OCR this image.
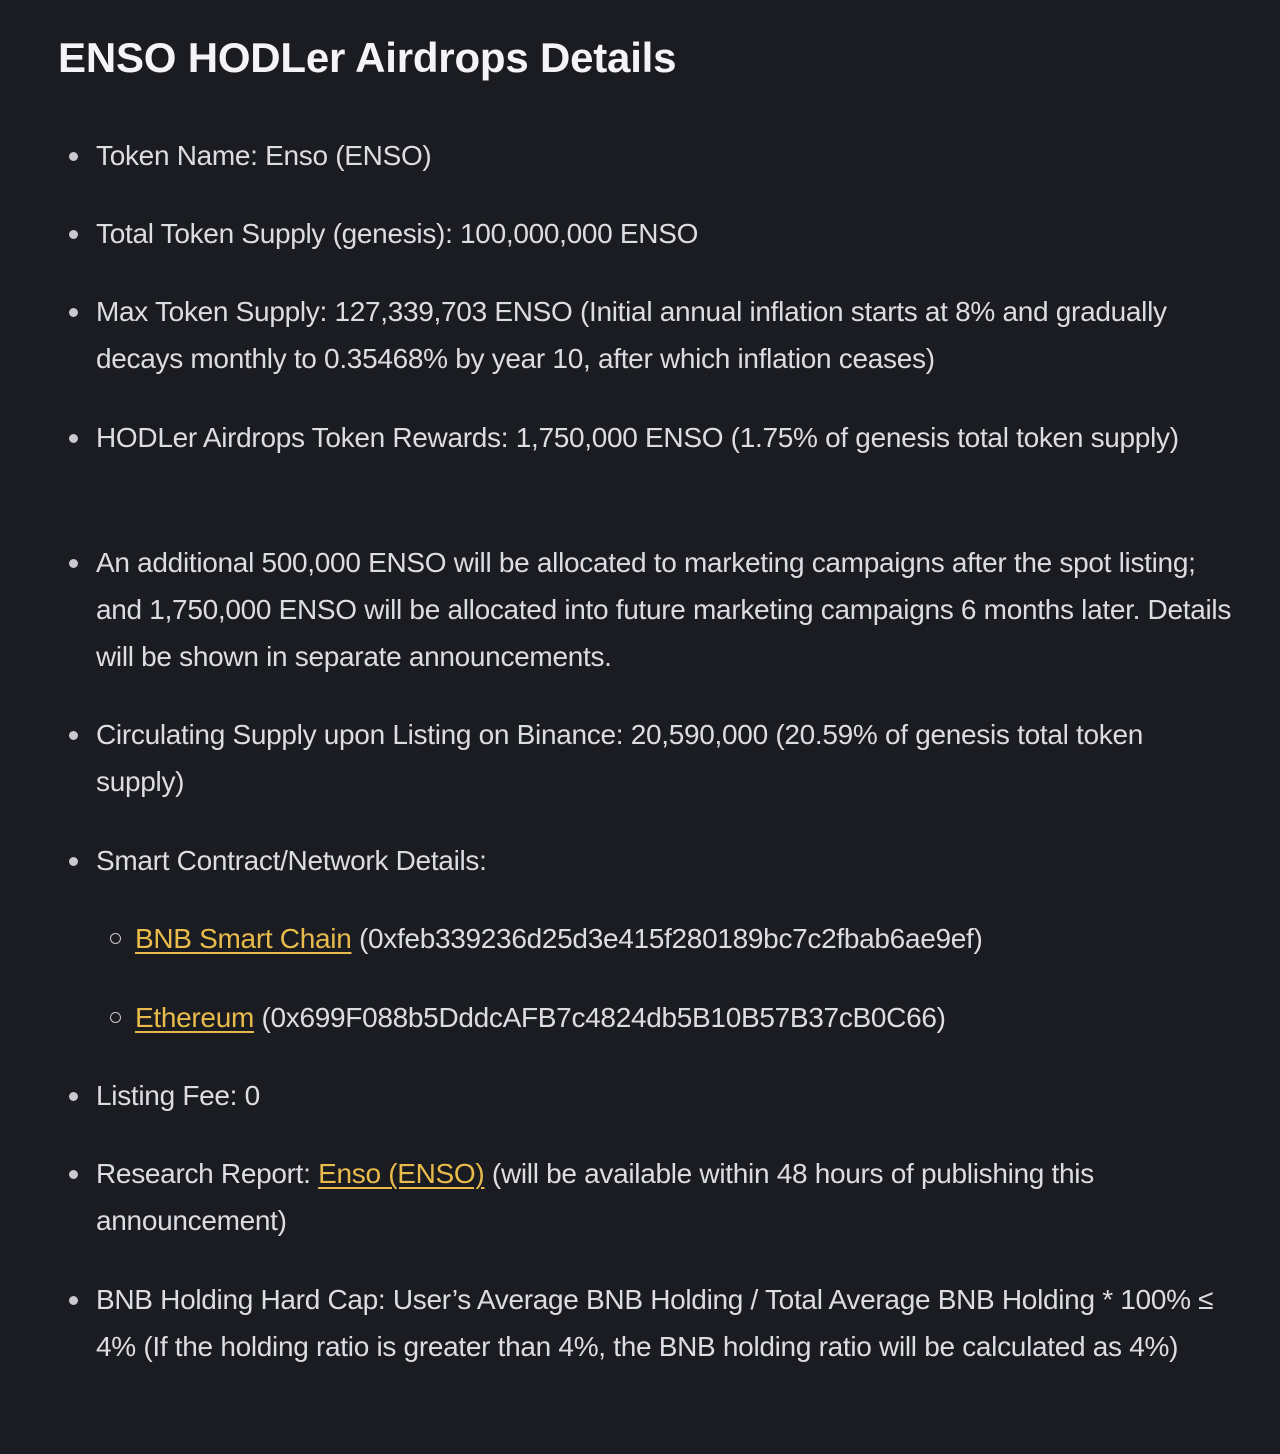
ENSO HODLer Airdrops Details
Token Name: Enso (ENSO)
Total Token Supply (genesis): 100,000,000 ENSO
Max Token Supply: 127,339,703 ENSO (Initial annual inflation starts at 8% and gradually decays monthly to 0.35468% by year 10, after which inflation ceases)
HODLer Airdrops Token Rewards: 1,750,000 ENSO (1.75% of genesis total token supply)
An additional 500,000 ENSO will be allocated to marketing campaigns after the spot listing; and 1,750,000 ENSO will be allocated into future marketing campaigns 6 months later. Details will be shown in separate announcements.
Circulating Supply upon Listing on Binance: 20,590,000 (20.59% of genesis total token supply)
Smart Contract/Network Details:
BNB Smart Chain (0xfeb339236d25d3e415f280189bc7c2fbab6ae9ef)
Ethereum (0x699F088b5DddcAFB7c4824db5B10B57B37cB0C66)
Listing Fee: 0
Research Report: Enso (ENSO) (will be available within 48 hours of publishing this announcement)
BNB Holding Hard Cap: User’s Average BNB Holding / Total Average BNB Holding * 100% ≤ 4% (If the holding ratio is greater than 4%, the BNB holding ratio will be calculated as 4%)
